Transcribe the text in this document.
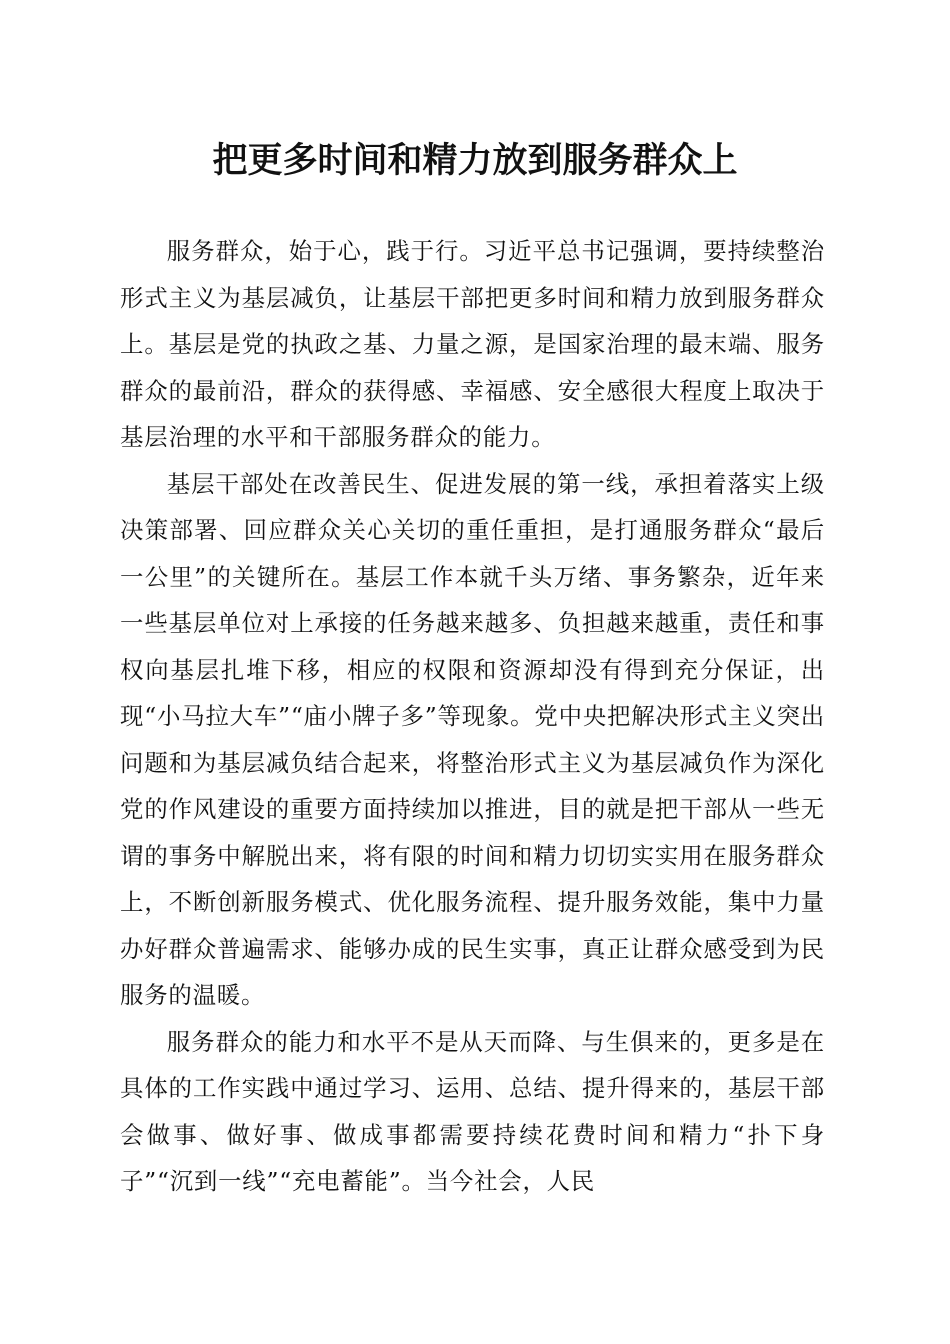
把更多时间和精力放到服务群众上

服务群众，始于心，践于行。习近平总书记强调，要持续整治形式主义为基层减负，让基层干部把更多时间和精力放到服务群众上。基层是党的执政之基、力量之源，是国家治理的最末端、服务群众的最前沿，群众的获得感、幸福感、安全感很大程度上取决于基层治理的水平和干部服务群众的能力。

基层干部处在改善民生、促进发展的第一线，承担着落实上级决策部署、回应群众关心关切的重任重担，是打通服务群众“最后一公里”的关键所在。基层工作本就千头万绪、事务繁杂，近年来一些基层单位对上承接的任务越来越多、负担越来越重，责任和事权向基层扎堆下移，相应的权限和资源却没有得到充分保证，出现“小马拉大车”“庙小牌子多”等现象。党中央把解决形式主义突出问题和为基层减负结合起来，将整治形式主义为基层减负作为深化党的作风建设的重要方面持续加以推进，目的就是把干部从一些无谓的事务中解脱出来，将有限的时间和精力切切实实用在服务群众上，不断创新服务模式、优化服务流程、提升服务效能，集中力量办好群众普遍需求、能够办成的民生实事，真正让群众感受到为民服务的温暖。

服务群众的能力和水平不是从天而降、与生俱来的，更多是在具体的工作实践中通过学习、运用、总结、提升得来的，基层干部会做事、做好事、做成事都需要持续花费时间和精力“扑下身子”“沉到一线”“充电蓄能”。当今社会，人民
